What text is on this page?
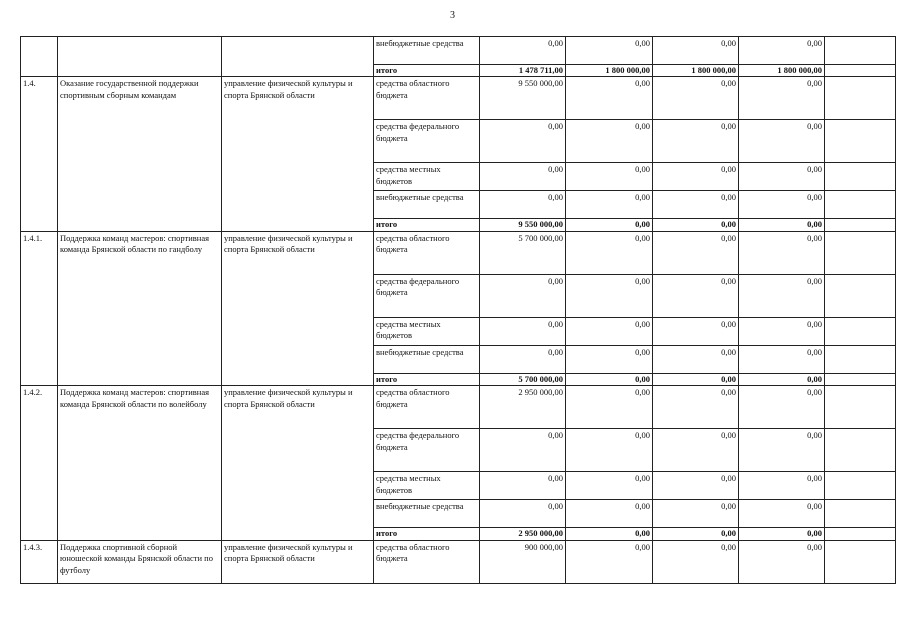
3
			внебюджетные средства	0,00	0,00	0,00	0,00	
			итого	1 478 711,00	1 800 000,00	1 800 000,00	1 800 000,00	
1.4.	Оказание государственной поддержки спортивным сборным командам	управление физической культуры и спорта Брянской области	средства областного бюджета	9 550 000,00	0,00	0,00	0,00	
			средства федерального бюджета	0,00	0,00	0,00	0,00	
			средства местных бюджетов	0,00	0,00	0,00	0,00	
			внебюджетные средства	0,00	0,00	0,00	0,00	
			итого	9 550 000,00	0,00	0,00	0,00	
1.4.1.	Поддержка команд мастеров: спортивная команда Брянской области по гандболу	управление физической культуры и спорта Брянской области	средства областного бюджета	5 700 000,00	0,00	0,00	0,00	
			средства федерального бюджета	0,00	0,00	0,00	0,00	
			средства местных бюджетов	0,00	0,00	0,00	0,00	
			внебюджетные средства	0,00	0,00	0,00	0,00	
			итого	5 700 000,00	0,00	0,00	0,00	
1.4.2.	Поддержка команд мастеров: спортивная команда Брянской области по волейболу	управление физической культуры и спорта Брянской области	средства областного бюджета	2 950 000,00	0,00	0,00	0,00	
			средства федерального бюджета	0,00	0,00	0,00	0,00	
			средства местных бюджетов	0,00	0,00	0,00	0,00	
			внебюджетные средства	0,00	0,00	0,00	0,00	
			итого	2 950 000,00	0,00	0,00	0,00	
1.4.3.	Поддержка спортивной сборной юношеской команды Брянской области по футболу	управление физической культуры и спорта Брянской области	средства областного бюджета	900 000,00	0,00	0,00	0,00	
